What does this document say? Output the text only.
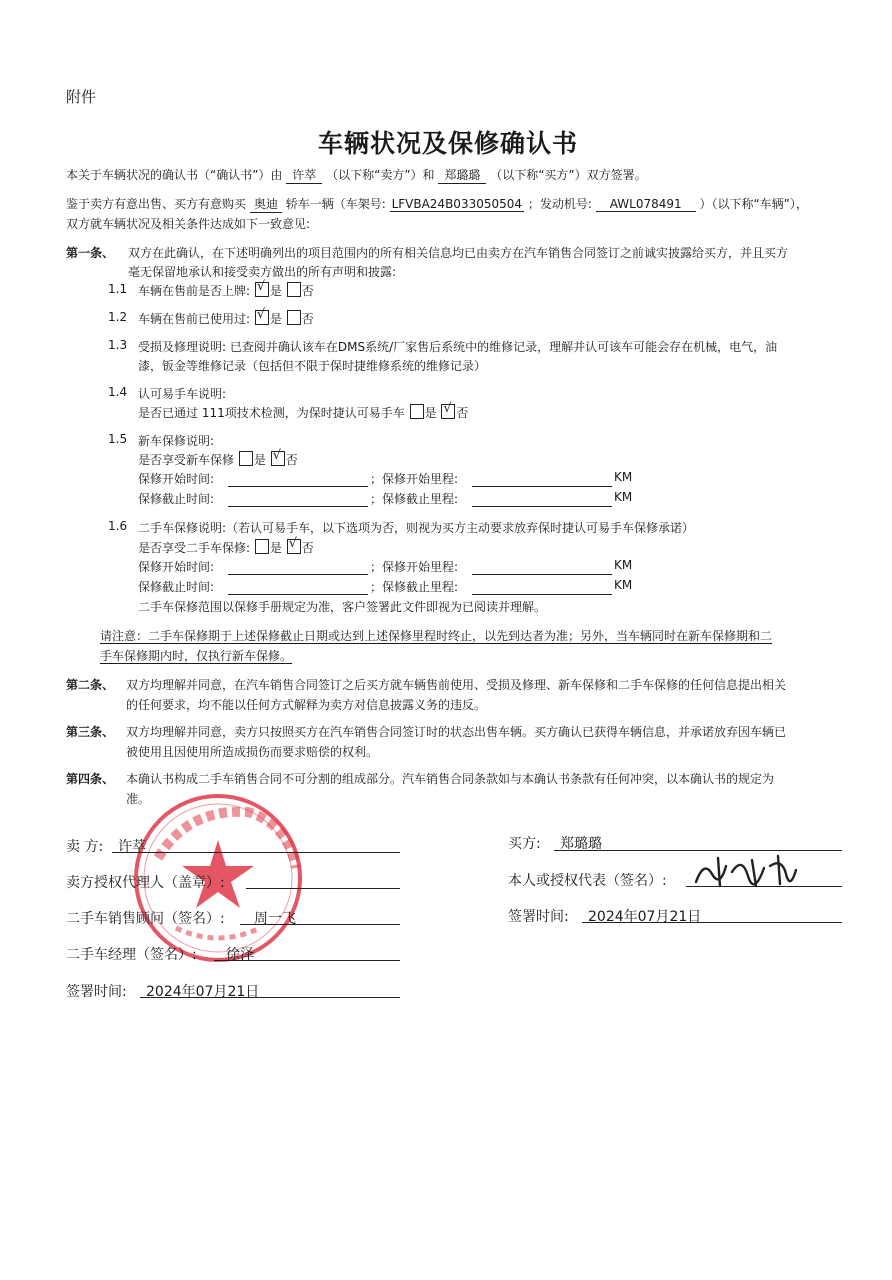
附件
车辆状况及保修确认书
本关于车辆状况的确认书（“确认书”）由 许萃 （以下称“卖方”）和 郑璐璐 （以下称“买方”）双方签署。
鉴于卖方有意出售、买方有意购买 奥迪 轿车一辆（车架号: LFVBA24B033050504 ；发动机号: AWL078491 ）（以下称“车辆”），
双方就车辆状况及相关条件达成如下一致意见:
第一条、 双方在此确认，在下述明确列出的项目范围内的所有相关信息均已由卖方在汽车销售合同签订之前诚实披露给买方，并且买方
毫无保留地承认和接受卖方做出的所有声明和披露:
1.1 车辆在售前是否上牌: √ 是 否
1.2 车辆在售前已使用过: √ 是 否
1.3 受损及修理说明: 已查阅并确认该车在DMS系统/厂家售后系统中的维修记录，理解并认可该车可能会存在机械，电气，油
漆，钣金等维修记录（包括但不限于保时捷维修系统的维修记录）
1.4 认可易手车说明:
是否已通过 111项技术检测，为保时捷认可易手车 是 √ 否
1.5 新车保修说明:
是否享受新车保修 是 √ 否
保修开始时间:	；保修开始里程:	KM
保修截止时间:	；保修截止里程:	KM
1.6 二手车保修说明:（若认可易手车，以下选项为否，则视为买方主动要求放弃保时捷认可易手车保修承诺）
是否享受二手车保修: 是 √ 否
保修开始时间:	；保修开始里程:	KM
保修截止时间:	；保修截止里程:	KM
二手车保修范围以保修手册规定为准，客户签署此文件即视为已阅读并理解。
请注意：二手车保修期于上述保修截止日期或达到上述保修里程时终止，以先到达者为准；另外，当车辆同时在新车保修期和二
手车保修期内时，仅执行新车保修。
第二条、 双方均理解并同意，在汽车销售合同签订之后买方就车辆售前使用、受损及修理、新车保修和二手车保修的任何信息提出相关
的任何要求，均不能以任何方式解释为卖方对信息披露义务的违反。
第三条、 双方均理解并同意，卖方只按照买方在汽车销售合同签订时的状态出售车辆。买方确认已获得车辆信息，并承诺放弃因车辆已
被使用且因使用所造成损伤而要求赔偿的权利。
第四条、 本确认书构成二手车销售合同不可分割的组成部分。汽车销售合同条款如与本确认书条款有任何冲突，以本确认书的规定为
准。
卖 方: 许萃
卖方授权代理人（盖章）:
二手车销售顾问（签名）: 周一飞
二手车经理（签名）: 徐泽
签署时间: 2024年07月21日
买方: 郑璐璐
本人或授权代表（签名）:
签署时间: 2024年07月21日
